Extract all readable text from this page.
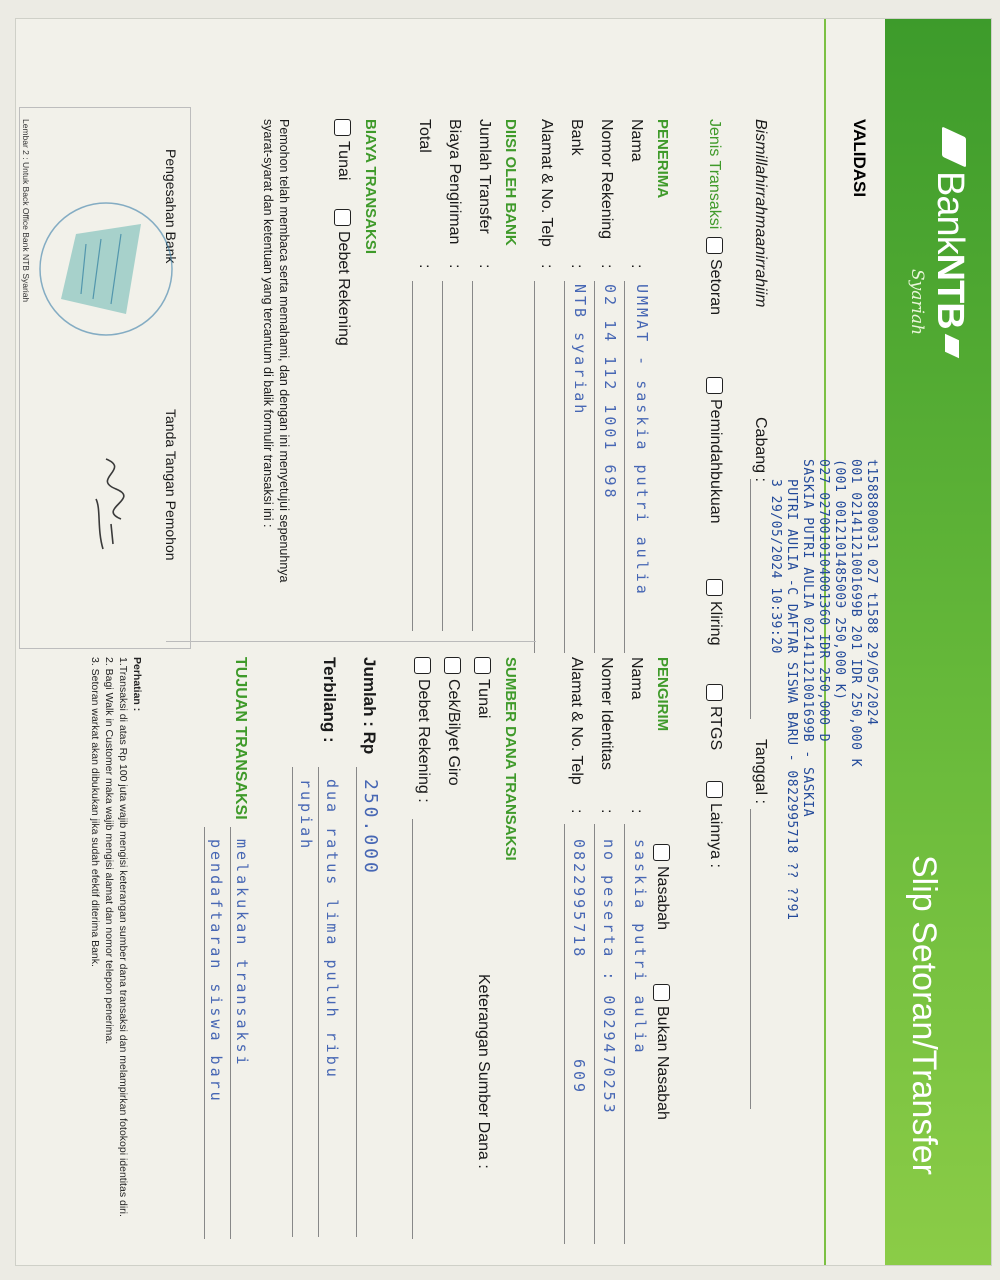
BankNTB
Syariah
Slip Setoran/Transfer
VALIDASI
t1588800031 027 t1588 29/05/2024
001 02141121001699B 201 IDR 250,000 K
(001 001210148500Э 250,000 K)
027 0270010104001360 IDR 250,000 D
SASKIA PUTRI AULIA 02141121001699B - SASKIA
PUTRI AULIA -C DAFTAR SISWA BARU - 0822995718 ?? ??91
3 29/05/2024 10:39:20
Bismillahirrahmaanirrahiim
Cabang :
Tanggal :
Jenis Transaksi
Setoran
Pemindahbukuan
Kliring
RTGS
Lainnya :
PENERIMA
Nama
:
UMMAT - saskia putri aulia
Nomor Rekening
:
02 14 112 1001 698
Bank
:
NTB syariah
Alamat & No. Telp
:
PENGIRIM
Nasabah
Bukan Nasabah
Nama
:
saskia putri aulia
Nomer Identitas
:
no peserta : 0029470253
Alamat & No. Telp
:
0822995718
609
DIISI OLEH BANK
Jumlah Transfer
:
Biaya Pengiriman
:
Total
:
SUMBER DANA TRANSAKSI
Tunai
Keterangan Sumber Dana :
Cek/Bilyet Giro
Debet Rekening :
BIAYA TRANSAKSI
Tunai
Debet Rekening
Jumlah : Rp
250.000
Terbilang :
dua ratus lima puluh ribu
rupiah
TUJUAN TRANSAKSI
melakukan transaksi
pendaftaran siswa baru
Pemohon telah membaca serta memahami, dan dengan ini menyetujui sepenuhnya
syarat-syarat dan ketentuan yang tercantum di balik formulir transaksi ini :
Pengesahan Bank
Tanda Tangan Pemohon
Perhatian :
1.Transaksi di atas Rp 100 juta wajib mengisi keterangan sumber dana transaksi dan melampirkan fotokopi identitas diri.
2. Bagi Walk in Customer maka wajib mengisi alamat dan nomor telepon penerima.
3. Setoran warkat akan dibukukan jika sudah efektif diterima Bank.
Lembar 2 : Untuk Back Office Bank NTB Syariah
